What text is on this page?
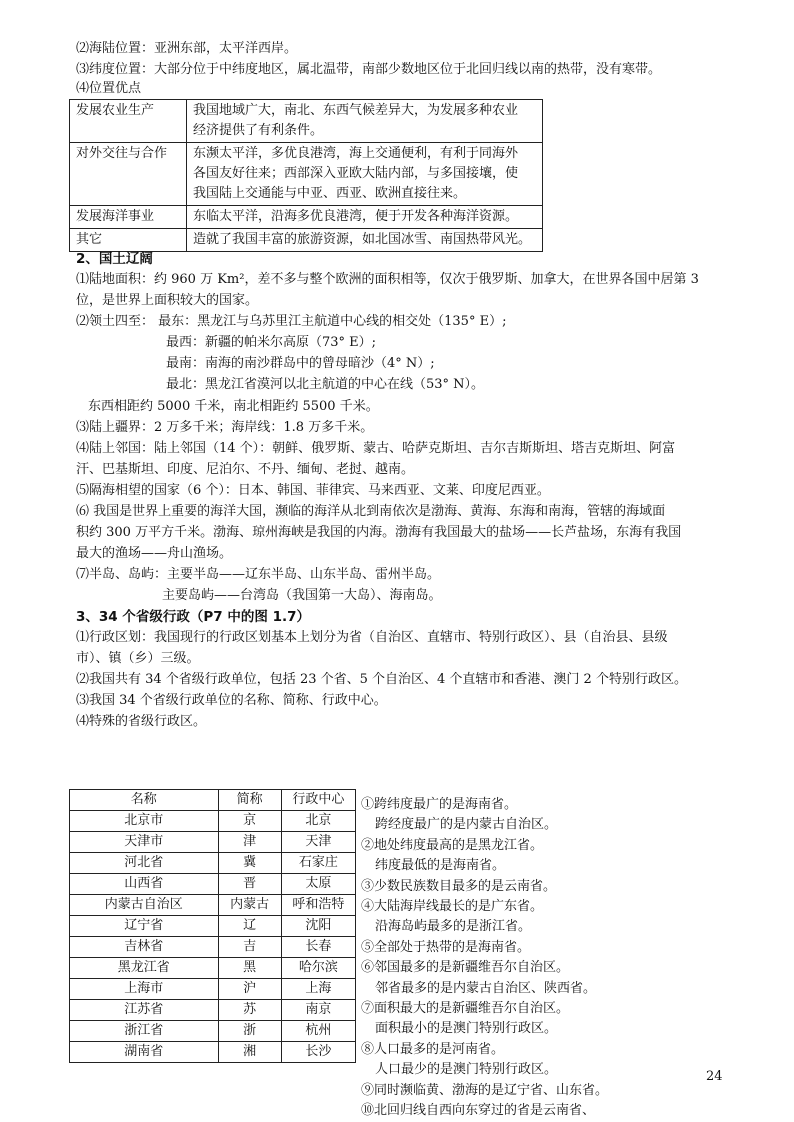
⑵海陆位置：亚洲东部，太平洋西岸。
⑶纬度位置：大部分位于中纬度地区，属北温带，南部少数地区位于北回归线以南的热带，没有寒带。
⑷位置优点
发展农业生产	我国地域广大，南北、东西气候差异大，为发展多种农业
经济提供了有利条件。

对外交往与合作	东濒太平洋，多优良港湾，海上交通便利，有利于同海外
各国友好往来；西部深入亚欧大陆内部，与多国接壤，使
我国陆上交通能与中亚、西亚、欧洲直接往来。

发展海洋事业	东临太平洋，沿海多优良港湾，便于开发各种海洋资源。

其它	造就了我国丰富的旅游资源，如北国冰雪、南国热带风光。
2、国土辽阔
⑴陆地面积：约 960 万 Km²，差不多与整个欧洲的面积相等，仅次于俄罗斯、加拿大，在世界各国中居第 3
位，是世界上面积较大的国家。
⑵领土四至： 最东：黑龙江与乌苏里江主航道中心线的相交处（135° E）;
最西：新疆的帕米尔高原（73° E）;
最南：南海的南沙群岛中的曾母暗沙（4° N）;
最北：黑龙江省漠河以北主航道的中心在线（53° N）。
东西相距约 5000 千米，南北相距约 5500 千米。
⑶陆上疆界：2 万多千米；海岸线：1.8 万多千米。
⑷陆上邻国：陆上邻国（14 个）：朝鲜、俄罗斯、蒙古、哈萨克斯坦、吉尔吉斯斯坦、塔吉克斯坦、阿富
汗、巴基斯坦、印度、尼泊尔、不丹、缅甸、老挝、越南。
⑸隔海相望的国家（6 个）：日本、韩国、菲律宾、马来西亚、文莱、印度尼西亚。
⑹ 我国是世界上重要的海洋大国，濒临的海洋从北到南依次是渤海、黄海、东海和南海，管辖的海域面
积约 300 万平方千米。渤海、琼州海峡是我国的内海。渤海有我国最大的盐场——长芦盐场，东海有我国
最大的渔场——舟山渔场。
⑺半岛、岛屿：主要半岛——辽东半岛、山东半岛、雷州半岛。
主要岛屿——台湾岛（我国第一大岛）、海南岛。
3、34 个省级行政（P7 中的图 1.7）
⑴行政区划：我国现行的行政区划基本上划分为省（自治区、直辖市、特别行政区）、县（自治县、县级
市）、镇（乡）三级。
⑵我国共有 34 个省级行政单位，包括 23 个省、5 个自治区、4 个直辖市和香港、澳门 2 个特别行政区。
⑶我国 34 个省级行政单位的名称、简称、行政中心。
⑷特殊的省级行政区。
名称	简称	行政中心
北京市	京	北京
天津市	津	天津
河北省	冀	石家庄
山西省	晋	太原
内蒙古自治区	内蒙古	呼和浩特
辽宁省	辽	沈阳
吉林省	吉	长春
黑龙江省	黑	哈尔滨
上海市	沪	上海
江苏省	苏	南京
浙江省	浙	杭州
湖南省	湘	长沙
①跨纬度最广的是海南省。
跨经度最广的是内蒙古自治区。
②地处纬度最高的是黑龙江省。
纬度最低的是海南省。
③少数民族数目最多的是云南省。
④大陆海岸线最长的是广东省。
沿海岛屿最多的是浙江省。
⑤全部处于热带的是海南省。
⑥邻国最多的是新疆维吾尔自治区。
邻省最多的是内蒙古自治区、陕西省。
⑦面积最大的是新疆维吾尔自治区。
面积最小的是澳门特别行政区。
⑧人口最多的是河南省。
人口最少的是澳门特别行政区。
⑨同时濒临黄、渤海的是辽宁省、山东省。
⑩北回归线自西向东穿过的省是云南省、
24
